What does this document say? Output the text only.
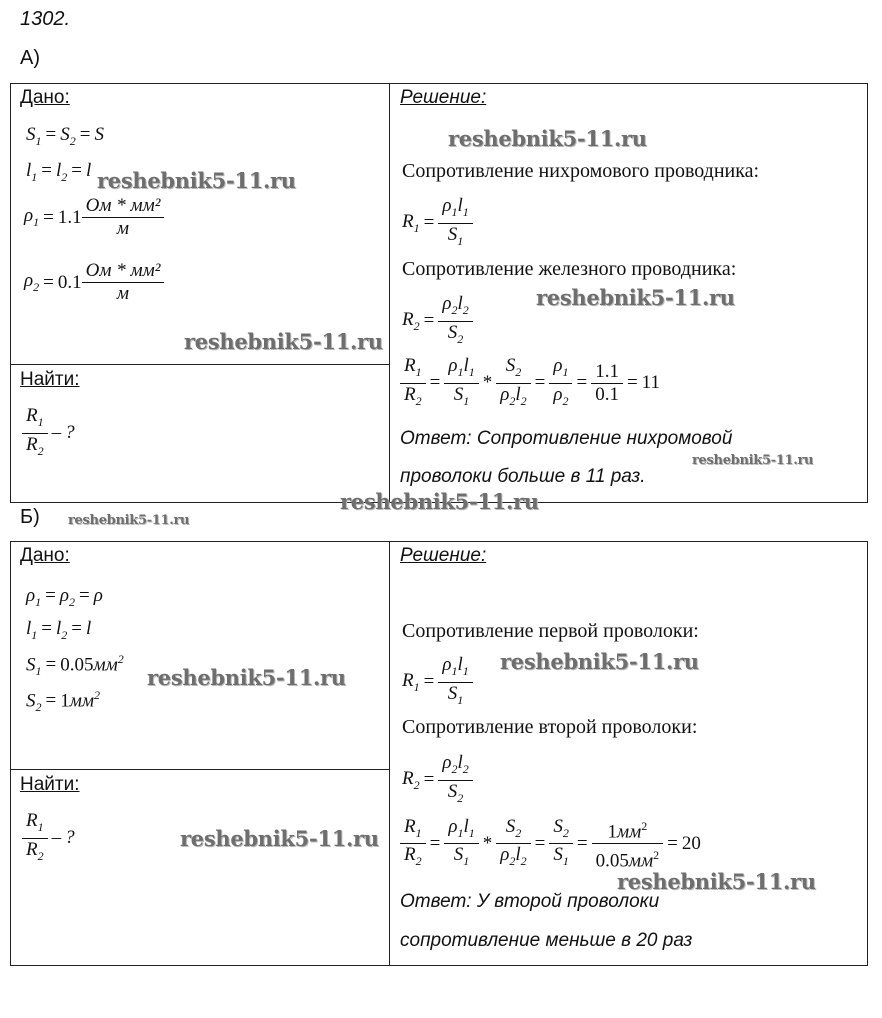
1302.
А)
Дано:
$S_1 = S_2 = S$
$l_1 = l_2 = l$
$\rho_1 = 1.1 \frac{\text{Ом * мм²}}{м}$
$\rho_2 = 0.1 \frac{\text{Ом * мм²}}{м}$
Найти:
$\frac{R_1}{R_2}$ – ?
Решение:
Сопротивление нихромового проводника:
$R_1 = \frac{\rho_1l_1}{S_1}$
Сопротивление железного проводника:
$R_2 = \frac{\rho_2l_2}{S_2}$
$\frac{R_1}{R_2} = \frac{\rho_1l_1}{S_1} * \frac{S_2}{\rho_2l_2} = \frac{\rho_1}{\rho_2} = \frac{1.1}{0.1} = 11$
Ответ: Сопротивление нихромовой
проволоки больше в 11 раз.
Б)
Дано:
$\rho_1 = \rho_2 = \rho$
$l_1 = l_2 = l$
$S_1 = 0.05мм^2$
$S_2 = 1мм^2$
Найти:
$\frac{R_1}{R_2}$ – ?
Решение:
Сопротивление первой проволоки:
$R_1 = \frac{\rho_1l_1}{S_1}$
Сопротивление второй проволоки:
$R_2 = \frac{\rho_2l_2}{S_2}$
$\frac{R_1}{R_2} = \frac{\rho_1l_1}{S_1} * \frac{S_2}{\rho_2l_2} = \frac{S_2}{S_1} = \frac{1мм^2}{0.05мм^2} = 20$
Ответ: У второй проволоки
сопротивление меньше в 20 раз
reshebnik5-11.ru
reshebnik5-11.ru
reshebnik5-11.ru
reshebnik5-11.ru
reshebnik5-11.ru
reshebnik5-11.ru
reshebnik5-11.ru
reshebnik5-11.ru
reshebnik5-11.ru
reshebnik5-11.ru
reshebnik5-11.ru
